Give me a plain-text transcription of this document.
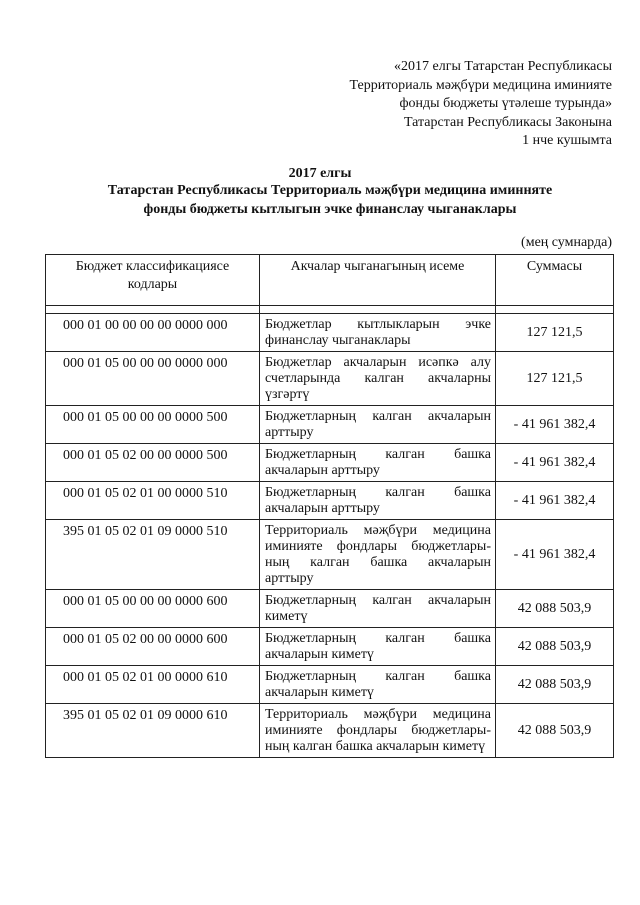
«2017 елгы Татарстан Республикасы
Территориаль мәҗбүри медицина иминияте
фонды бюджеты үтәлеше турында»
Татарстан Республикасы Законына
1 нче кушымта
2017 елгы
Татарстан Республикасы Территориаль мәҗбүри медицина иминняте
фонды бюджеты кытлыгын эчке финанслау чыганаклары
(мең сумнарда)
Бюджет классификациясе кодлары	Акчалар чыганагының исеме	Суммасы

000 01 00 00 00 00 0000 000	Бюджетлар кытлыкларын эчке финанслау чыганаклары	127 121,5
000 01 05 00 00 00 0000 000	Бюджетлар акчаларын исәпкә алу счетларында калган акчаларны үзгәртү	127 121,5
000 01 05 00 00 00 0000 500	Бюджетларның калган акчаларын арттыру	- 41 961 382,4
000 01 05 02 00 00 0000 500	Бюджетларның калган башка акчаларын арттыру	- 41 961 382,4
000 01 05 02 01 00 0000 510	Бюджетларның калган башка акчаларын арттыру	- 41 961 382,4
395 01 05 02 01 09 0000 510	Территориаль мәҗбүри медицина иминияте фондлары бюджетлары-ның калган башка акчаларын арттыру	- 41 961 382,4
000 01 05 00 00 00 0000 600	Бюджетларның калган акчаларын киметү	42 088 503,9
000 01 05 02 00 00 0000 600	Бюджетларның калган башка акчаларын киметү	42 088 503,9
000 01 05 02 01 00 0000 610	Бюджетларның калган башка акчаларын киметү	42 088 503,9
395 01 05 02 01 09 0000 610	Территориаль мәҗбүри медицина иминияте фондлары бюджетлары-ның калган башка акчаларын киметү	42 088 503,9
